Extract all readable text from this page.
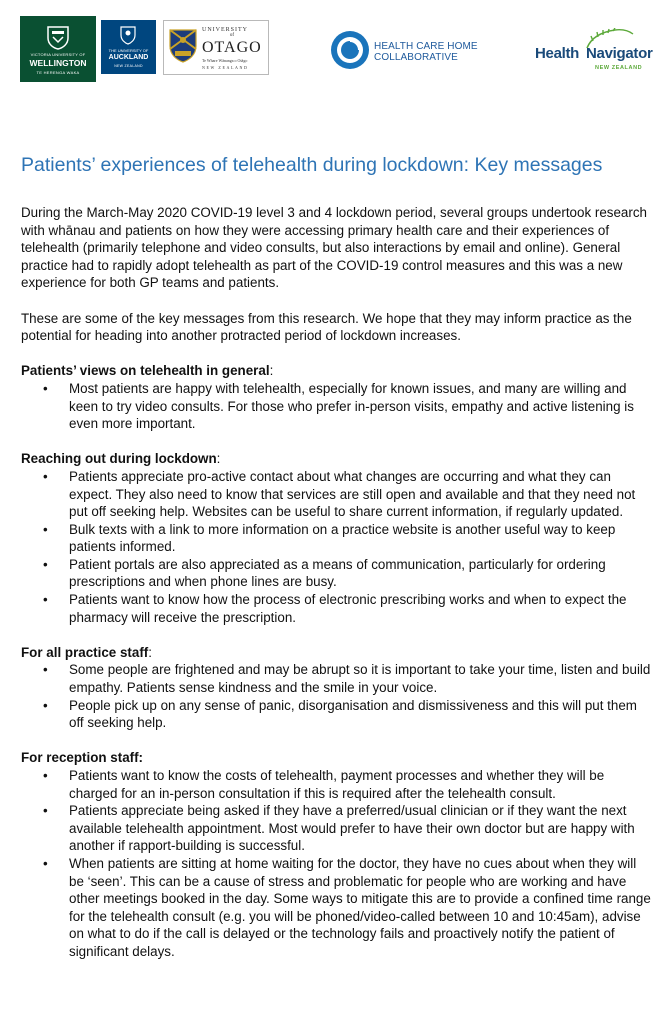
VICTORIA UNIVERSITY OF
WELLINGTON
TE HERENGA WAKA
THE UNIVERSITY OF
AUCKLAND
NEW ZEALAND
UNIVERSITY
of
OTAGO
Te Whare Wānanga o Otāgo
NEW ZEALAND
HEALTH CARE HOME
COLLABORATIVE	Health Navigator
NEW ZEALAND
Patients’ experiences of telehealth during lockdown: Key messages

During the March-May 2020 COVID-19 level 3 and 4 lockdown period, several groups undertook research with whānau and patients on how they were accessing primary health care and their experiences of telehealth (primarily telephone and video consults, but also interactions by email and online). General practice had to rapidly adopt telehealth as part of the COVID-19 control measures and this was a new experience for both GP teams and patients.

These are some of the key messages from this research. We hope that they may inform practice as the potential for heading into another protracted period of lockdown increases.

Patients’ views on telehealth in general:
•	Most patients are happy with telehealth, especially for known issues, and many are willing and keen to try video consults. For those who prefer in-person visits, empathy and active listening is even more important.
Reaching out during lockdown:
•	Patients appreciate pro-active contact about what changes are occurring and what they can expect. They also need to know that services are still open and available and that they need not put off seeking help. Websites can be useful to share current information, if regularly updated.
•	Bulk texts with a link to more information on a practice website is another useful way to keep patients informed.
•	Patient portals are also appreciated as a means of communication, particularly for ordering prescriptions and when phone lines are busy.
•	Patients want to know how the process of electronic prescribing works and when to expect the pharmacy will receive the prescription.
For all practice staff:
•	Some people are frightened and may be abrupt so it is important to take your time, listen and build empathy. Patients sense kindness and the smile in your voice.
•	People pick up on any sense of panic, disorganisation and dismissiveness and this will put them off seeking help.
For reception staff:
•	Patients want to know the costs of telehealth, payment processes and whether they will be charged for an in-person consultation if this is required after the telehealth consult.
•	Patients appreciate being asked if they have a preferred/usual clinician or if they want the next available telehealth appointment. Most would prefer to have their own doctor but are happy with another if rapport-building is successful.
•	When patients are sitting at home waiting for the doctor, they have no cues about when they will be ‘seen’. This can be a cause of stress and problematic for people who are working and have other meetings booked in the day. Some ways to mitigate this are to provide a confined time range for the telehealth consult (e.g. you will be phoned/video-called between 10 and 10:45am), advise on what to do if the call is delayed or the technology fails and proactively notify the patient of significant delays.
